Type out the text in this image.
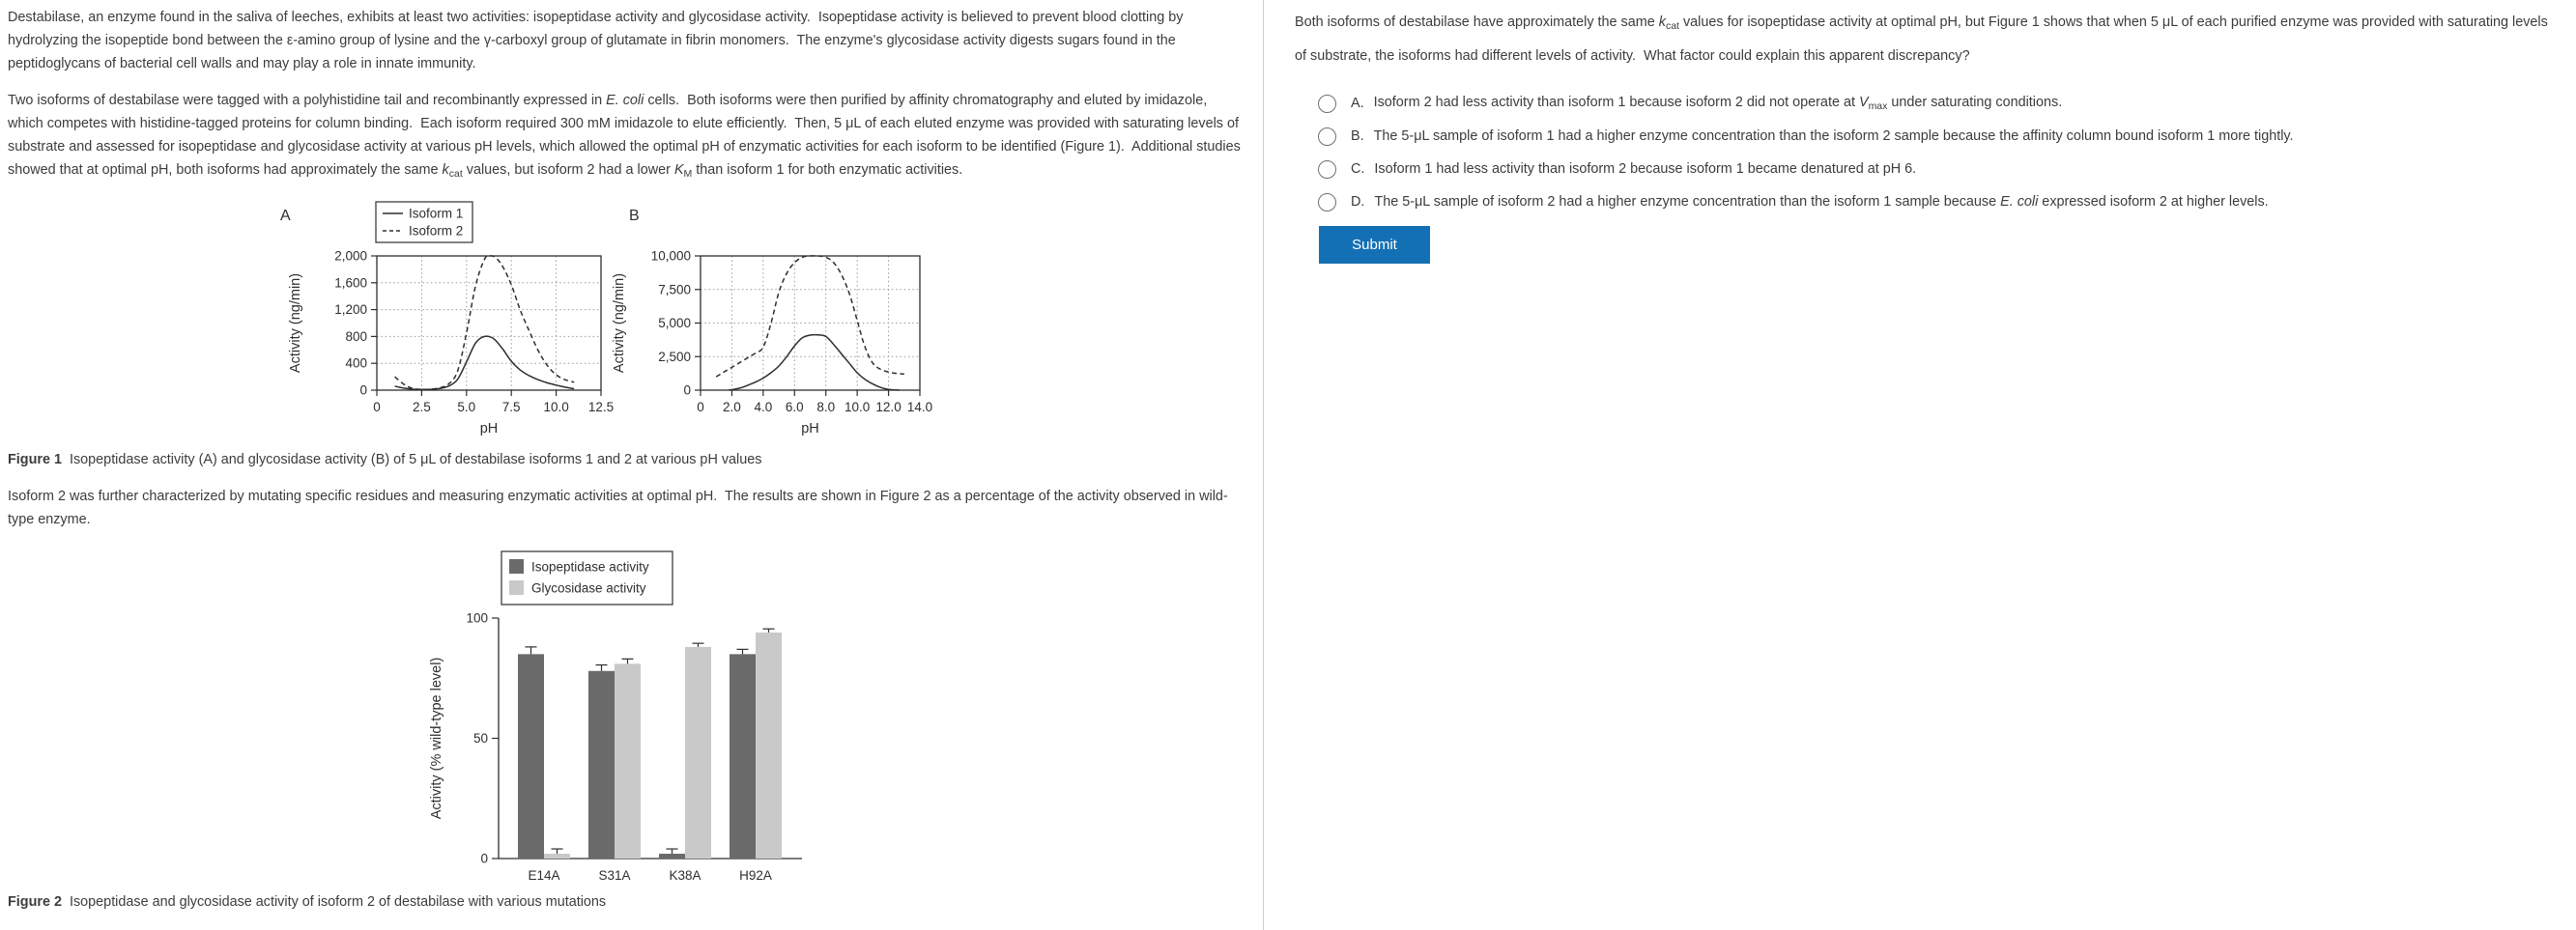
Destabilase, an enzyme found in the saliva of leeches, exhibits at least two activities: isopeptidase activity and glycosidase activity.  Isopeptidase activity is believed to prevent blood clotting by hydrolyzing the isopeptide bond between the ε-amino group of lysine and the γ-carboxyl group of glutamate in fibrin monomers.  The enzyme's glycosidase activity digests sugars found in the peptidoglycans of bacterial cell walls and may play a role in innate immunity.

Two isoforms of destabilase were tagged with a polyhistidine tail and recombinantly expressed in E. coli cells.  Both isoforms were then purified by affinity chromatography and eluted by imidazole, which competes with histidine-tagged proteins for column binding.  Each isoform required 300 mM imidazole to elute efficiently.  Then, 5 μL of each eluted enzyme was provided with saturating levels of substrate and assessed for isopeptidase and glycosidase activity at various pH levels, which allowed the optimal pH of enzymatic activities for each isoform to be identified (Figure 1).  Additional studies showed that at optimal pH, both isoforms had approximately the same $k_{cat}$ values, but isoform 2 had a lower $K_M$ than isoform 1 for both enzymatic activities.

0 2.5 5.0 7.5 10.0 12.5
0
400
800
1,200
1,600
2,000
pH
Activity (ng/min)
A
0 2.0 4.0 6.0 8.0 10.0 12.0 14.0
0
2,500
5,000
7,500
10,000
pH
Activity (ng/min)
B
Isoform 1
Isoform 2

Figure 1  Isopeptidase activity (A) and glycosidase activity (B) of 5 μL of destabilase isoforms 1 and 2 at various pH values

Isoform 2 was further characterized by mutating specific residues and measuring enzymatic activities at optimal pH.  The results are shown in Figure 2 as a percentage of the activity observed in wild-type enzyme.

0
50
100
E14A	S31A	K38A	H92A
Activity (% wild-type level)
Isopeptidase activity
Glycosidase activity

Figure 2  Isopeptidase and glycosidase activity of isoform 2 of destabilase with various mutations

Both isoforms of destabilase have approximately the same $k_{cat}$ values for isopeptidase activity at optimal pH, but Figure 1 shows that when 5 μL of each purified enzyme was provided with saturating levels of substrate, the isoforms had different levels of activity.  What factor could explain this apparent discrepancy?

A. Isoform 2 had less activity than isoform 1 because isoform 2 did not operate at $V_{max}$ under saturating conditions.
B. The 5-μL sample of isoform 1 had a higher enzyme concentration than the isoform 2 sample because the affinity column bound isoform 1 more tightly.
C. Isoform 1 had less activity than isoform 2 because isoform 1 became denatured at pH 6.
D. The 5-μL sample of isoform 2 had a higher enzyme concentration than the isoform 1 sample because E. coli expressed isoform 2 at higher levels.
Submit
